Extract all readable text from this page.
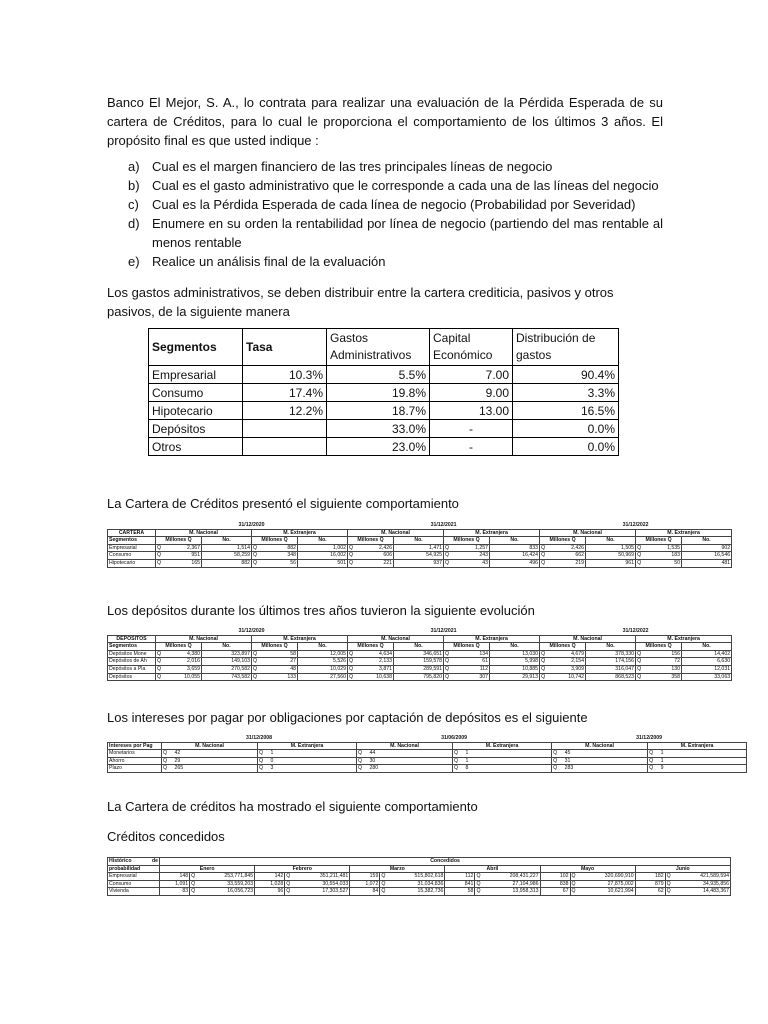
Banco El Mejor, S. A., lo contrata para realizar una evaluación de la Pérdida Esperada de su cartera de Créditos, para lo cual le proporciona el comportamiento de los últimos 3 años. El propósito final es que usted indique :
a) Cual es el margen financiero de las tres principales líneas de negocio
b) Cual es el gasto administrativo que le corresponde a cada una de las líneas del negocio
c) Cual es la Pérdida Esperada de cada línea de negocio (Probabilidad por Severidad)
d) Enumere en su orden la rentabilidad por línea de negocio (partiendo del mas rentable al menos rentable
e) Realice un análisis final de la evaluación
Los gastos administrativos, se deben distribuir entre la cartera crediticia, pasivos y otros pasivos, de la siguiente manera
Segmentos	Tasa	Gastos Administrativos	Capital Económico	Distribución de gastos
Empresarial	10.3%	5.5%	7.00	90.4%
Consumo	17.4%	19.8%	9.00	3.3%
Hipotecario	12.2%	18.7%	13.00	16.5%
Depósitos		33.0%	-	0.0%
Otros		23.0%	-	0.0%
La Cartera de Créditos presentó el siguiente comportamiento
	31/12/2020						31/12/2021						31/12/2022					
CARTERA	M. Nacional			M. Extranjera			M. Nacional			M. Extranjera			M. Nacional			M. Extranjera		
Segmentos	Millones Q		No.	Millones Q		No.	Millones Q		No.	Millones Q		No.	Millones Q		No.	Millones Q		No.
Empresarial	Q	2,367	1,514	Q	882	1,002	Q	2,426	1,471	Q	1,257	833	Q	2,426	1,505	Q	1,535	902
Consumo	Q	951	58,259	Q	348	16,002	Q	606	54,925	Q	243	16,424	Q	662	50,969	Q	183	16,546
Hipotecario	Q	165	882	Q	56	501	Q	221	937	Q	43	496	Q	219	961	Q	50	481
Los depósitos durante los últimos tres años tuvieron la siguiente evolución
	31/12/2020						31/12/2021						31/12/2022					
DEPOSITOS	M. Nacional			M. Extranjera			M. Nacional			M. Extranjera			M. Nacional			M. Extranjera		
Segmentos	Millones Q		No.	Millones Q		No.	Millones Q		No.	Millones Q		No.	Millones Q		No.	Millones Q		No.
Depósitos Mone	Q	4,380	323,897	Q	58	12,005	Q	4,634	346,651	Q	134	13,030	Q	4,679	378,330	Q	156	14,402
Depósitos de Ah	Q	2,016	149,103	Q	27	5,526	Q	2,133	159,578	Q	61	5,998	Q	2,154	174,156	Q	72	6,630
Depósitos a Pla	Q	3,659	270,582	Q	48	10,029	Q	3,871	289,591	Q	112	10,885	Q	3,909	316,047	Q	130	12,031
Depósitos	Q	10,055	743,582	Q	133	27,560	Q	10,638	795,820	Q	307	29,913	Q	10,742	868,523	Q	358	33,063
Los intereses por pagar por obligaciones por captación de depósitos es el siguiente
	31/12/2008				31/06/2009				31/12/2009			
Intereses por Pag	M. Nacional		M. Extranjera		M. Nacional		M. Extranjera		M. Nacional		M. Extranjera	
Monetarios	Q	42	Q	1	Q	44	Q	1	Q	45	Q	1
Ahorro	Q	29	Q	0	Q	30	Q	1	Q	31	Q	1
Plazo	Q	265	Q	3	Q	280	Q	8	Q	283	Q	9
La Cartera de créditos ha mostrado el siguiente comportamiento
Créditos concedidos
Histórico de	Concedidos																	
probabilidad	Enero			Febrero			Marzo			Abril			Mayo			Junio		
Empresarial	148	Q	253,771,845	142	Q	351,211,481	159	Q	515,802,618	112	Q	208,431,227	102	Q	320,690,910	182	Q	421,589,594
Consumo	1,091	Q	33,559,203	1,028	Q	30,554,033	1,072	Q	31,034,836	841	Q	27,104,986	838	Q	27,875,002	879	Q	34,935,856
Vivienda	83	Q	16,056,723	96	Q	17,303,527	84	Q	15,382,736	58	Q	13,958,313	67	Q	10,621,994	62	Q	14,483,367
